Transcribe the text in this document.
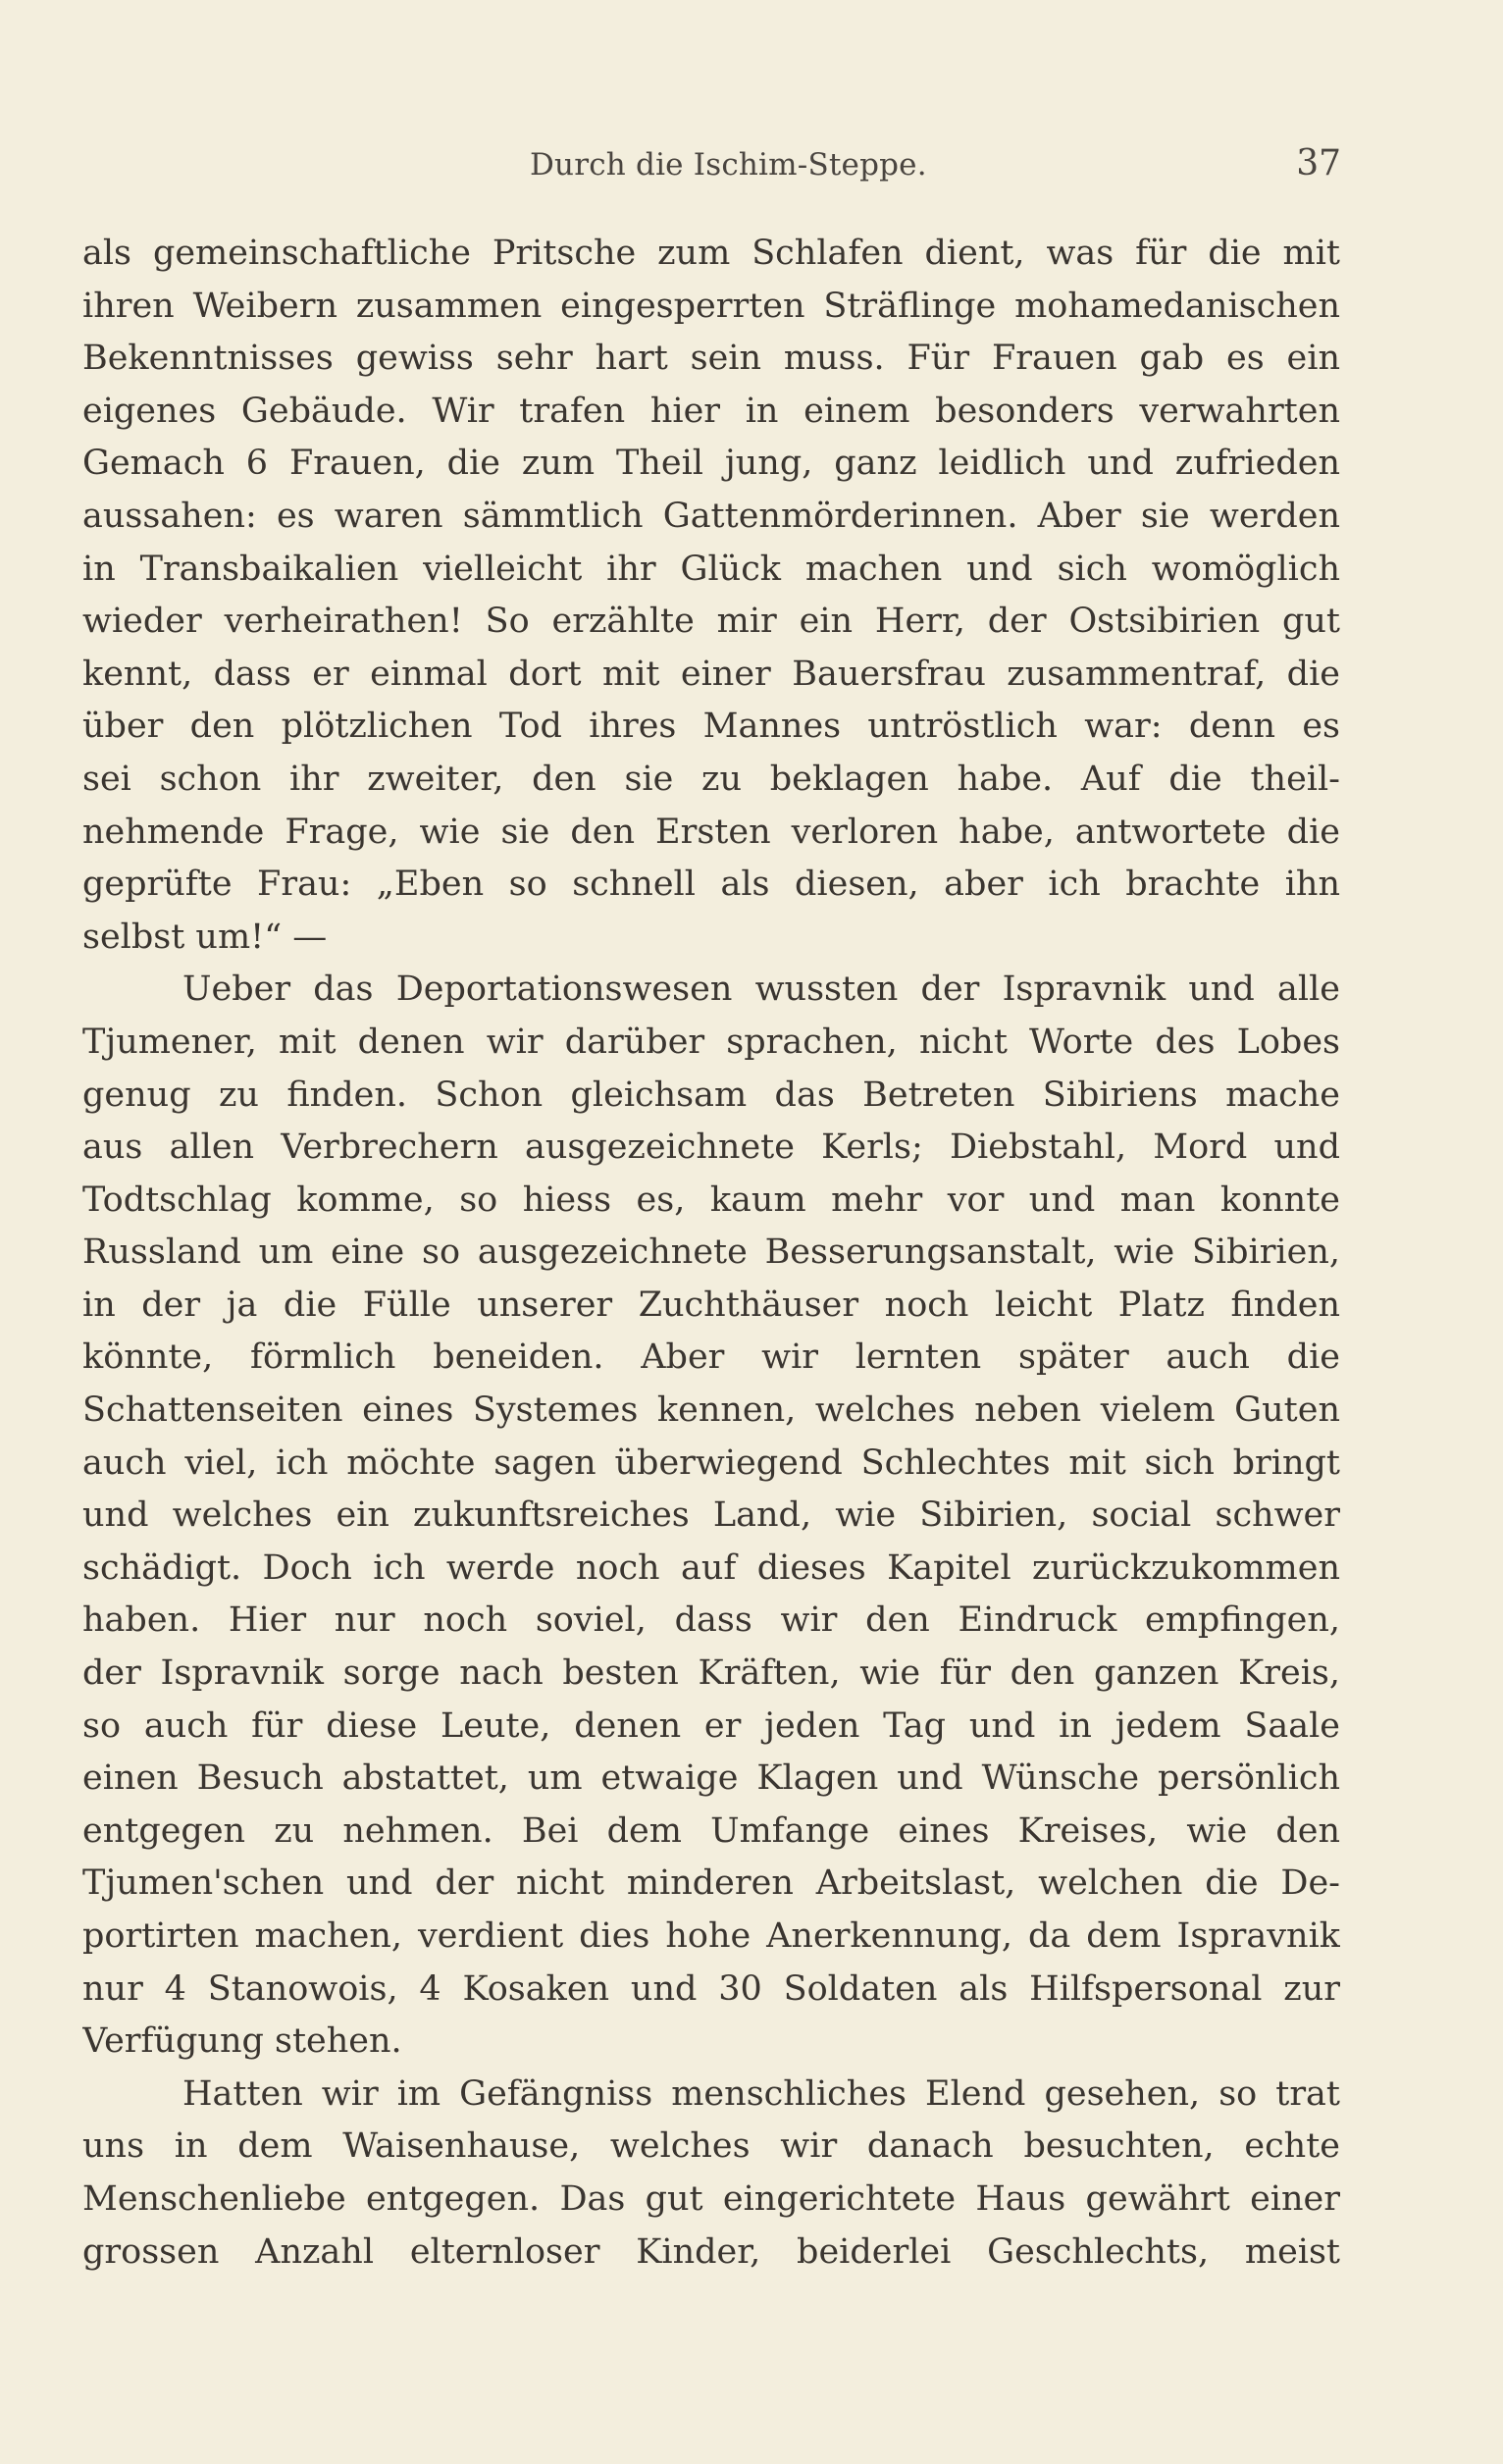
Durch die Ischim-Steppe.	37
als gemeinschaftliche Pritsche zum Schlafen dient, was für die mit
ihren Weibern zusammen eingesperrten Sträflinge mohamedanischen
Bekenntnisses gewiss sehr hart sein muss. Für Frauen gab es ein
eigenes Gebäude. Wir trafen hier in einem besonders verwahrten
Gemach 6 Frauen, die zum Theil jung, ganz leidlich und zufrieden
aussahen: es waren sämmtlich Gattenmörderinnen. Aber sie werden
in Transbaikalien vielleicht ihr Glück machen und sich womöglich
wieder verheirathen! So erzählte mir ein Herr, der Ostsibirien gut
kennt, dass er einmal dort mit einer Bauersfrau zusammentraf, die
über den plötzlichen Tod ihres Mannes untröstlich war: denn es
sei schon ihr zweiter, den sie zu beklagen habe. Auf die theil-
nehmende Frage, wie sie den Ersten verloren habe, antwortete die
geprüfte Frau: „Eben so schnell als diesen, aber ich brachte ihn
selbst um!“ —
Ueber das Deportationswesen wussten der Ispravnik und alle
Tjumener, mit denen wir darüber sprachen, nicht Worte des Lobes
genug zu finden. Schon gleichsam das Betreten Sibiriens mache
aus allen Verbrechern ausgezeichnete Kerls; Diebstahl, Mord und
Todtschlag komme, so hiess es, kaum mehr vor und man konnte
Russland um eine so ausgezeichnete Besserungsanstalt, wie Sibirien,
in der ja die Fülle unserer Zuchthäuser noch leicht Platz finden
könnte, förmlich beneiden. Aber wir lernten später auch die
Schattenseiten eines Systemes kennen, welches neben vielem Guten
auch viel, ich möchte sagen überwiegend Schlechtes mit sich bringt
und welches ein zukunftsreiches Land, wie Sibirien, social schwer
schädigt. Doch ich werde noch auf dieses Kapitel zurückzukommen
haben. Hier nur noch soviel, dass wir den Eindruck empfingen,
der Ispravnik sorge nach besten Kräften, wie für den ganzen Kreis,
so auch für diese Leute, denen er jeden Tag und in jedem Saale
einen Besuch abstattet, um etwaige Klagen und Wünsche persönlich
entgegen zu nehmen. Bei dem Umfange eines Kreises, wie den
Tjumen'schen und der nicht minderen Arbeitslast, welchen die De-
portirten machen, verdient dies hohe Anerkennung, da dem Ispravnik
nur 4 Stanowois, 4 Kosaken und 30 Soldaten als Hilfspersonal zur
Verfügung stehen.
Hatten wir im Gefängniss menschliches Elend gesehen, so trat
uns in dem Waisenhause, welches wir danach besuchten, echte
Menschenliebe entgegen. Das gut eingerichtete Haus gewährt einer
grossen Anzahl elternloser Kinder, beiderlei Geschlechts, meist
